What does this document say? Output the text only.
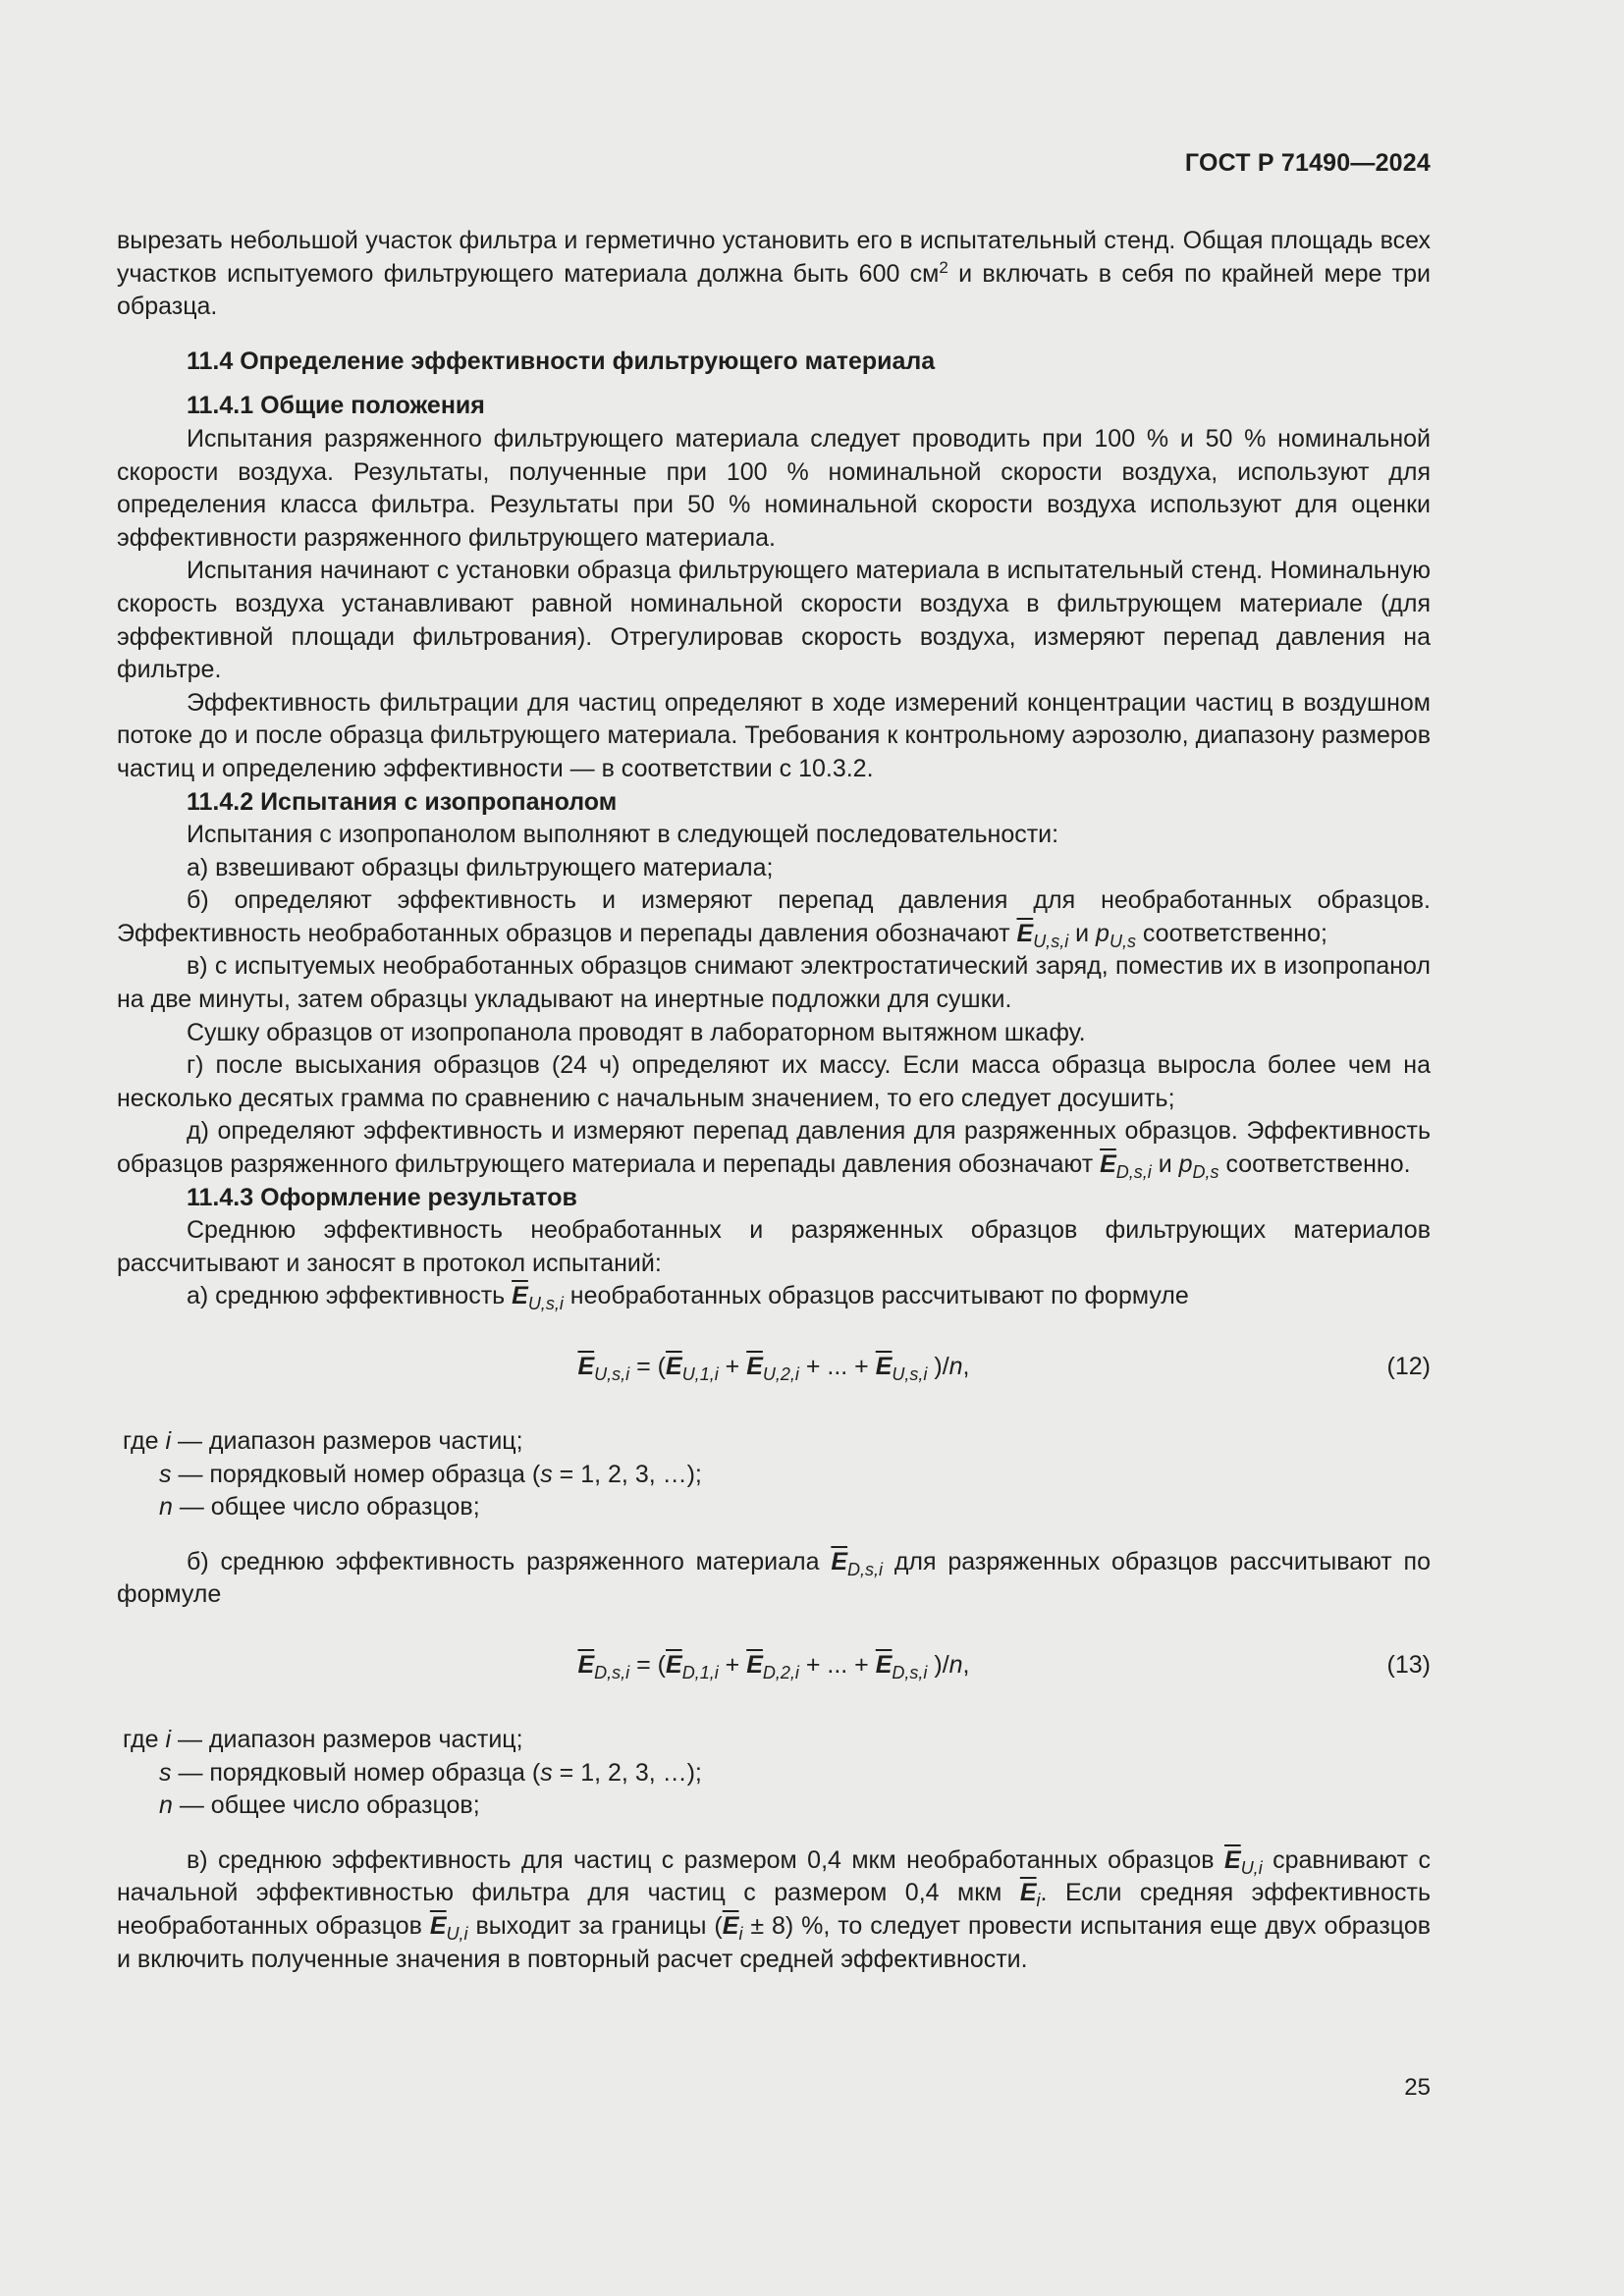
ГОСТ Р 71490—2024

вырезать небольшой участок фильтра и герметично установить его в испытательный стенд. Общая площадь всех участков испытуемого фильтрующего материала должна быть 600 $см^2$ и включать в себя по крайней мере три образца.

11.4 Определение эффективности фильтрующего материала

11.4.1 Общие положения

Испытания разряженного фильтрующего материала следует проводить при 100 % и 50 % номинальной скорости воздуха. Результаты, полученные при 100 % номинальной скорости воздуха, используют для определения класса фильтра. Результаты при 50 % номинальной скорости воздуха используют для оценки эффективности разряженного фильтрующего материала.

Испытания начинают с установки образца фильтрующего материала в испытательный стенд. Номинальную скорость воздуха устанавливают равной номинальной скорости воздуха в фильтрующем материале (для эффективной площади фильтрования). Отрегулировав скорость воздуха, измеряют перепад давления на фильтре.

Эффективность фильтрации для частиц определяют в ходе измерений концентрации частиц в воздушном потоке до и после образца фильтрующего материала. Требования к контрольному аэрозолю, диапазону размеров частиц и определению эффективности — в соответствии с 10.3.2.

11.4.2 Испытания с изопропанолом

Испытания с изопропанолом выполняют в следующей последовательности:

а) взвешивают образцы фильтрующего материала;

б) определяют эффективность и измеряют перепад давления для необработанных образцов. Эффективность необработанных образцов и перепады давления обозначают $\overline{E}_{U,s,i}$ и $p_{U,s}$ соответственно;

в) с испытуемых необработанных образцов снимают электростатический заряд, поместив их в изопропанол на две минуты, затем образцы укладывают на инертные подложки для сушки.

Сушку образцов от изопропанола проводят в лабораторном вытяжном шкафу.

г) после высыхания образцов (24 ч) определяют их массу. Если масса образца выросла более чем на несколько десятых грамма по сравнению с начальным значением, то его следует досушить;

д) определяют эффективность и измеряют перепад давления для разряженных образцов. Эффективность образцов разряженного фильтрующего материала и перепады давления обозначают $\overline{E}_{D,s,i}$ и $p_{D,s}$ соответственно.

11.4.3 Оформление результатов

Среднюю эффективность необработанных и разряженных образцов фильтрующих материалов рассчитывают и заносят в протокол испытаний:

а) среднюю эффективность $\overline{E}_{U,s,i}$ необработанных образцов рассчитывают по формуле

$\overline{E}_{U,s,i} = (\overline{E}_{U,1,i} + \overline{E}_{U,2,i}$ + ... + $\overline{E}_{U,s,i}$ )/n,	(12)
где i — диапазон размеров частиц;
s — порядковый номер образца (s = 1, 2, 3, …);
n — общее число образцов;

б) среднюю эффективность разряженного материала $\overline{E}_{D,s,i}$ для разряженных образцов рассчитывают по формуле

$\overline{E}_{D,s,i} = (\overline{E}_{D,1,i} + \overline{E}_{D,2,i}$ + ... + $\overline{E}_{D,s,i}$ )/n,	(13)
где i — диапазон размеров частиц;
s — порядковый номер образца (s = 1, 2, 3, …);
n — общее число образцов;

в) среднюю эффективность для частиц с размером 0,4 мкм необработанных образцов $\overline{E}_{U,i}$ сравнивают с начальной эффективностью фильтра для частиц с размером 0,4 мкм $\overline{E}_i$. Если средняя эффективность необработанных образцов $\overline{E}_{U,i}$ выходит за границы $(\overline{E}_i \pm 8)$ %, то следует провести испытания еще двух образцов и включить полученные значения в повторный расчет средней эффективности.

25
